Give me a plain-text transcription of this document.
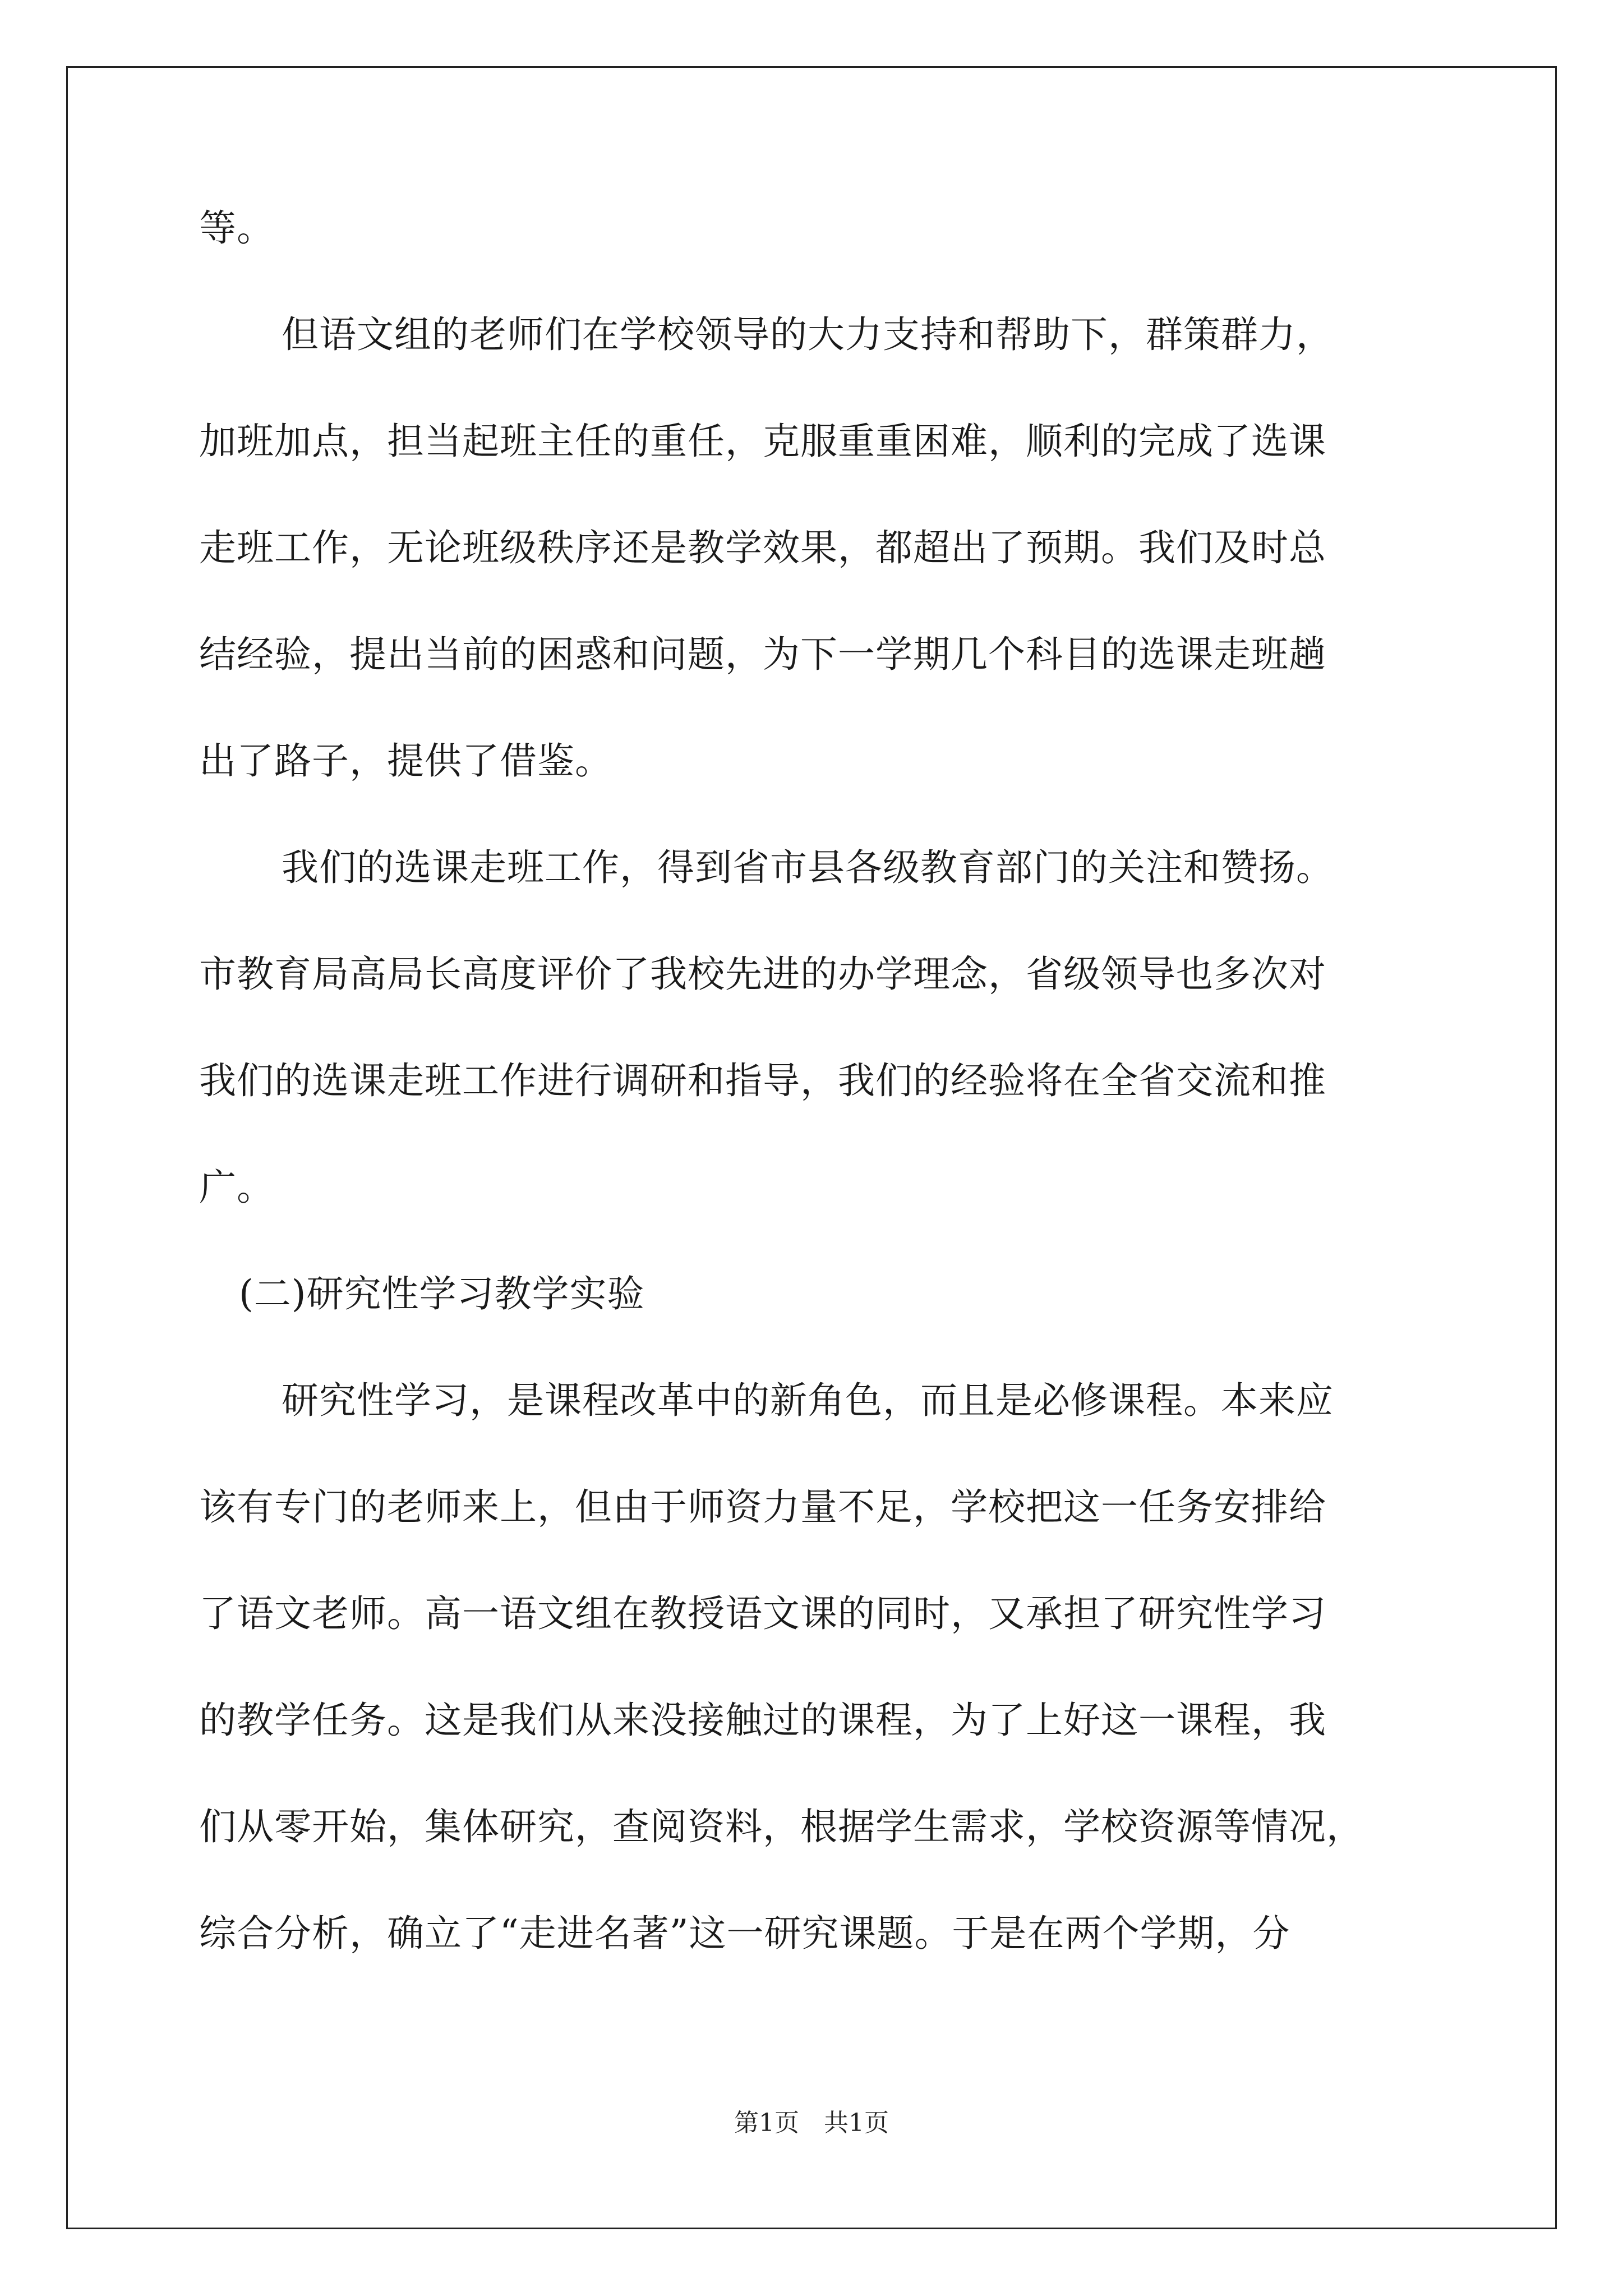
等。
但语文组的老师们在学校领导的大力支持和帮助下，群策群力，
加班加点，担当起班主任的重任，克服重重困难，顺利的完成了选课
走班工作，无论班级秩序还是教学效果，都超出了预期。我们及时总
结经验，提出当前的困惑和问题，为下一学期几个科目的选课走班趟
出了路子，提供了借鉴。
我们的选课走班工作，得到省市县各级教育部门的关注和赞扬。
市教育局高局长高度评价了我校先进的办学理念，省级领导也多次对
我们的选课走班工作进行调研和指导，我们的经验将在全省交流和推
广。
(二)研究性学习教学实验
研究性学习，是课程改革中的新角色，而且是必修课程。本来应
该有专门的老师来上，但由于师资力量不足，学校把这一任务安排给
了语文老师。高一语文组在教授语文课的同时，又承担了研究性学习
的教学任务。这是我们从来没接触过的课程，为了上好这一课程，我
们从零开始，集体研究，查阅资料，根据学生需求，学校资源等情况，
综合分析，确立了“走进名著”这一研究课题。于是在两个学期，分
第1页　共1页
